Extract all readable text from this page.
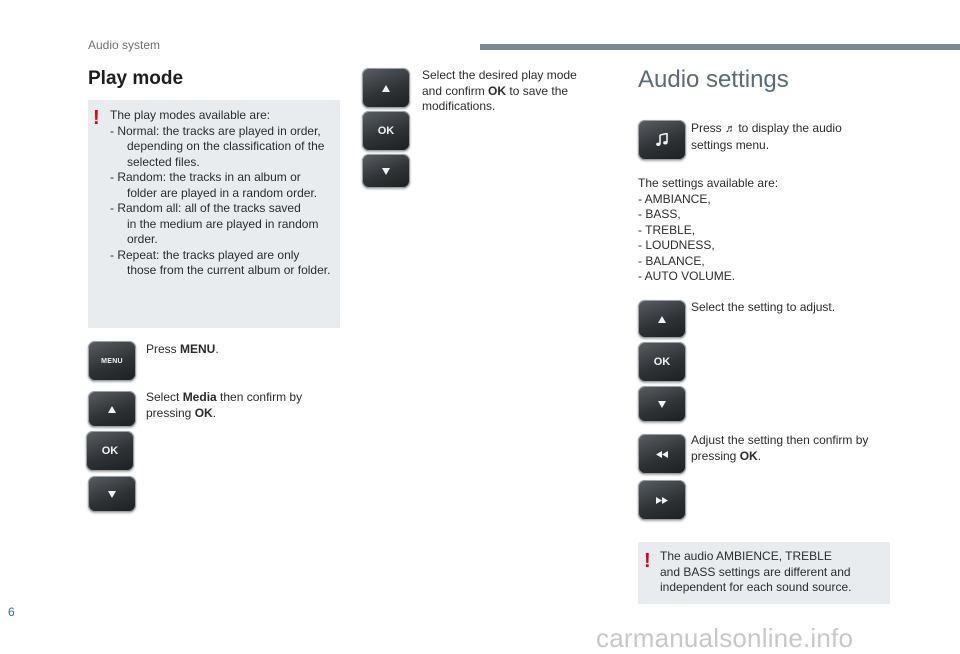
Audio system
Play mode
! The play modes available are:
- Normal: the tracks are played in order,
depending on the classification of the
selected files.
- Random: the tracks in an album or
folder are played in a random order.
- Random all: all of the tracks saved
in the medium are played in random
order.
- Repeat: the tracks played are only
those from the current album or folder.
MENU
Press MENU.
Select Media then confirm by
pressing OK.
OK
OK
Select the desired play mode
and confirm OK to save the
modifications.
Audio settings
Press ♬ to display the audio
settings menu.
The settings available are:
- AMBIANCE,
- BASS,
- TREBLE,
- LOUDNESS,
- BALANCE,
- AUTO VOLUME.
OK
Select the setting to adjust.
Adjust the setting then confirm by
pressing OK.
! The audio AMBIENCE, TREBLE
and BASS settings are different and
independent for each sound source.
6
carmanualsonline.info
